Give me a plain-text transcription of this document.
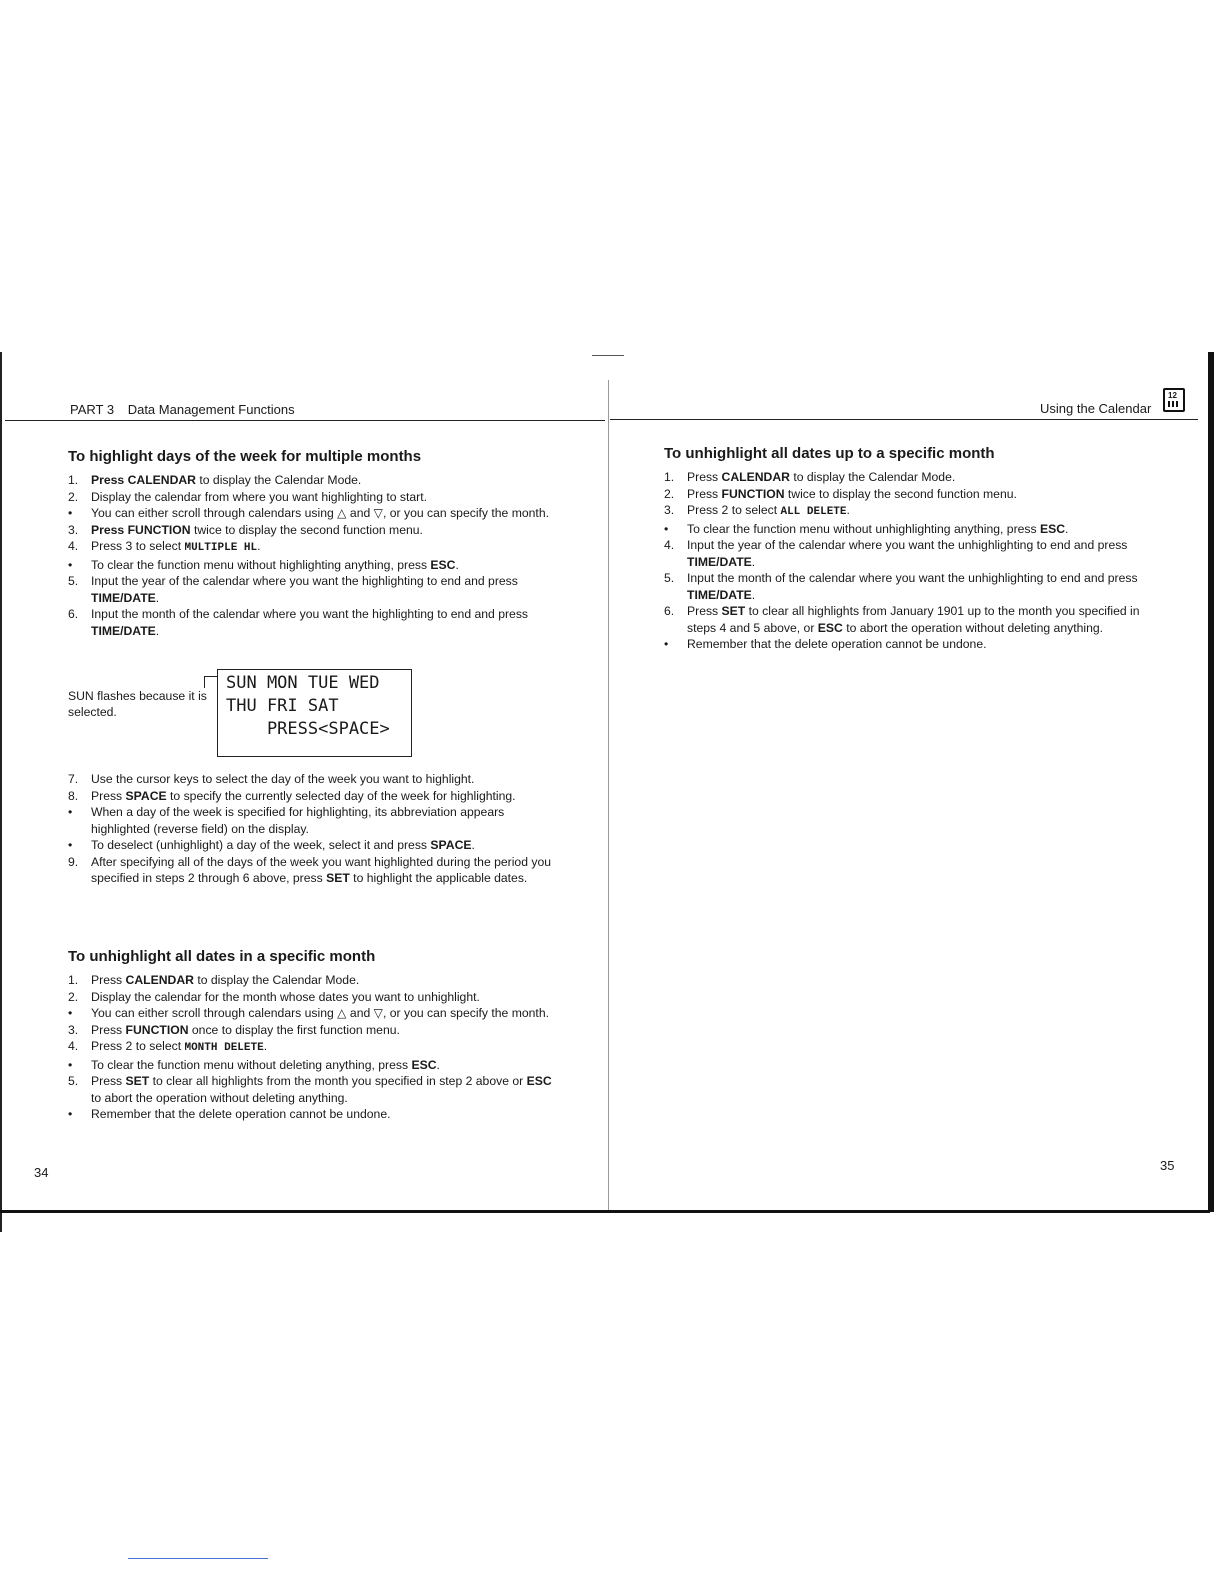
PART 3 Data Management Functions	Using the Calendar
12
To highlight days of the week for multiple months
1. Press CALENDAR to display the Calendar Mode.
2. Display the calendar from where you want highlighting to start.
• You can either scroll through calendars using △ and ▽, or you can specify the month.
3. Press FUNCTION twice to display the second function menu.
4. Press 3 to select MULTIPLE HL.
• To clear the function menu without highlighting anything, press ESC.
5. Input the year of the calendar where you want the highlighting to end and press TIME/DATE.
6. Input the month of the calendar where you want the highlighting to end and press TIME/DATE.
SUN flashes because it is selected.
SUN MON TUE WED
THU FRI SAT
PRESS<SPACE>
7. Use the cursor keys to select the day of the week you want to highlight.
8. Press SPACE to specify the currently selected day of the week for highlighting.
• When a day of the week is specified for highlighting, its abbreviation appears highlighted (reverse field) on the display.
• To deselect (unhighlight) a day of the week, select it and press SPACE.
9. After specifying all of the days of the week you want highlighted during the period you specified in steps 2 through 6 above, press SET to highlight the applicable dates.
To unhighlight all dates in a specific month
1. Press CALENDAR to display the Calendar Mode.
2. Display the calendar for the month whose dates you want to unhighlight.
• You can either scroll through calendars using △ and ▽, or you can specify the month.
3. Press FUNCTION once to display the first function menu.
4. Press 2 to select MONTH DELETE.
• To clear the function menu without deleting anything, press ESC.
5. Press SET to clear all highlights from the month you specified in step 2 above or ESC to abort the operation without deleting anything.
• Remember that the delete operation cannot be undone.
34
To unhighlight all dates up to a specific month
1. Press CALENDAR to display the Calendar Mode.
2. Press FUNCTION twice to display the second function menu.
3. Press 2 to select ALL DELETE.
• To clear the function menu without unhighlighting anything, press ESC.
4. Input the year of the calendar where you want the unhighlighting to end and press TIME/DATE.
5. Input the month of the calendar where you want the unhighlighting to end and press TIME/DATE.
6. Press SET to clear all highlights from January 1901 up to the month you specified in steps 4 and 5 above, or ESC to abort the operation without deleting anything.
• Remember that the delete operation cannot be undone.
35
